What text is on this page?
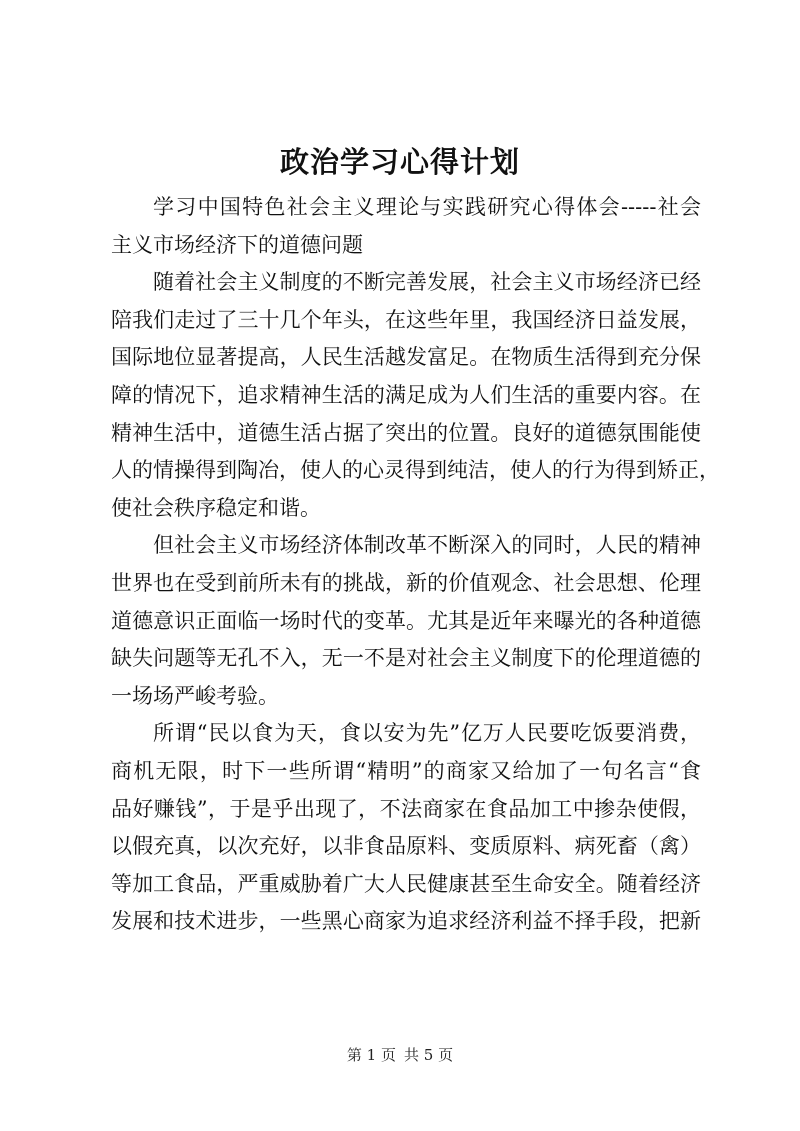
政治学习心得计划
学习中国特色社会主义理论与实践研究心得体会-----社会
主义市场经济下的道德问题
随着社会主义制度的不断完善发展，社会主义市场经济已经
陪我们走过了三十几个年头，在这些年里，我国经济日益发展，
国际地位显著提高，人民生活越发富足。在物质生活得到充分保
障的情况下，追求精神生活的满足成为人们生活的重要内容。在
精神生活中，道德生活占据了突出的位置。良好的道德氛围能使
人的情操得到陶冶，使人的心灵得到纯洁，使人的行为得到矫正，
使社会秩序稳定和谐。
但社会主义市场经济体制改革不断深入的同时，人民的精神
世界也在受到前所未有的挑战，新的价值观念、社会思想、伦理
道德意识正面临一场时代的变革。尤其是近年来曝光的各种道德
缺失问题等无孔不入，无一不是对社会主义制度下的伦理道德的
一场场严峻考验。
所谓“民以食为天，食以安为先”亿万人民要吃饭要消费，
商机无限，时下一些所谓“精明”的商家又给加了一句名言“食
品好赚钱”，于是乎出现了，不法商家在食品加工中掺杂使假，
以假充真，以次充好，以非食品原料、变质原料、病死畜（禽）
等加工食品，严重威胁着广大人民健康甚至生命安全。随着经济
发展和技术进步，一些黑心商家为追求经济利益不择手段，把新
第 1 页 共 5 页
